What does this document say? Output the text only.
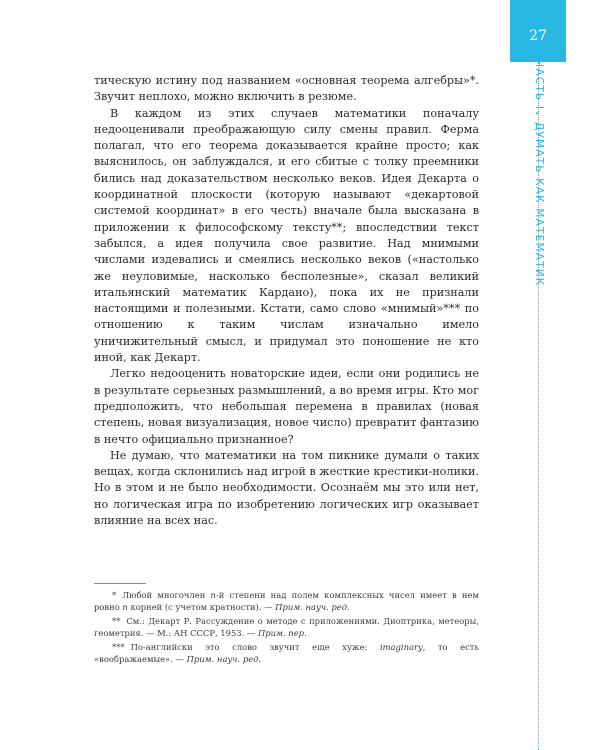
27
ЧАСТЬ I. ДУМАТЬ КАК МАТЕМАТИК

тическую истину под названием «основная теорема алгебры»*. Звучит неплохо, можно включить в резюме.

В каждом из этих случаев математики поначалу недооценивали преображающую силу смены правил. Ферма полагал, что его теорема доказывается крайне просто; как выяснилось, он заблуждался, и его сбитые с толку преемники бились над доказательством несколько веков. Идея Декарта о координатной плоскости (которую называют «декартовой системой координат» в его честь) вначале была высказана в приложении к философскому тексту**; впоследствии текст забылся, а идея получила свое развитие. Над мнимыми числами издевались и смеялись несколько веков («настолько же неуловимые, насколько бесполезные», сказал великий итальянский математик Кардано), пока их не признали настоящими и полезными. Кстати, само слово «мнимый»*** по отношению к таким числам изначально имело уничижительный смысл, и придумал это поношение не кто иной, как Декарт.

Легко недооценить новаторские идеи, если они родились не в результате серьезных размышлений, а во время игры. Кто мог предположить, что небольшая перемена в правилах (новая степень, новая визуализация, новое число) превратит фантазию в нечто официально признанное?

Не думаю, что математики на том пикнике думали о таких вещах, когда склонились над игрой в жесткие крестики-нолики. Но в этом и не было необходимости. Осознаём мы это или нет, но логическая игра по изобретению логических игр оказывает влияние на всех нас.

* Любой многочлен n-й степени над полем комплексных чисел имеет в нем ровно n корней (с учетом кратности). — Прим. науч. ред.

** См.: Декарт Р. Рассуждение о методе с приложениями. Диоптрика, метеоры, геометрия. — М.: АН СССР, 1953. — Прим. пер.

*** По-английски это слово звучит еще хуже: imaginary, то есть «воображаемые». — Прим. науч. ред.
